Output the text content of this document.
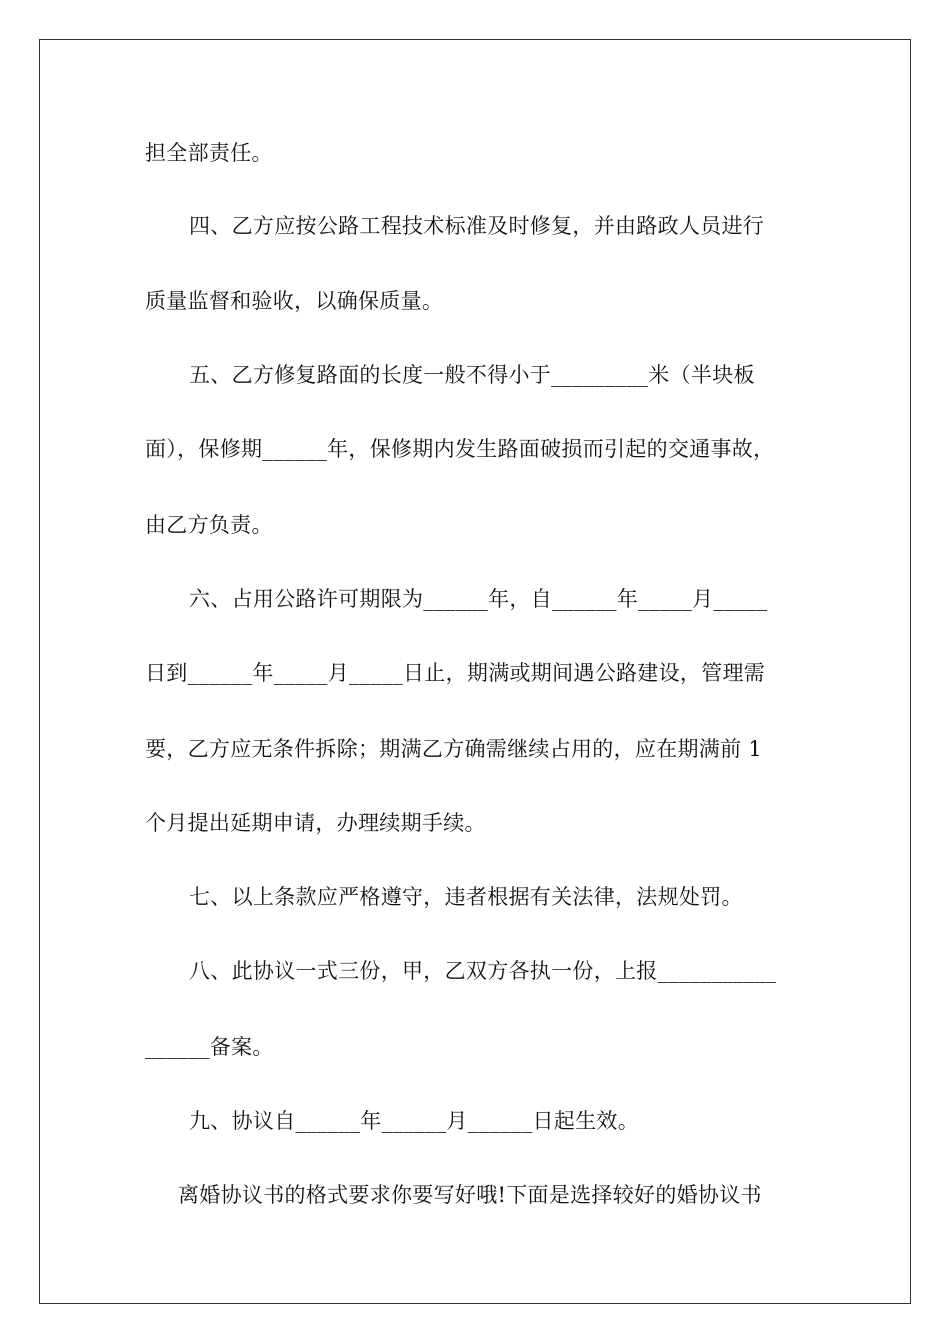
担全部责任。
四、乙方应按公路工程技术标准及时修复，并由路政人员进行
质量监督和验收，以确保质量。
五、乙方修复路面的长度一般不得小于_________米（半块板
面），保修期______年，保修期内发生路面破损而引起的交通事故，
由乙方负责。
六、占用公路许可期限为______年，自______年_____月_____
日到______年_____月_____日止，期满或期间遇公路建设，管理需
要，乙方应无条件拆除；期满乙方确需继续占用的，应在期满前 1
个月提出延期申请，办理续期手续。
七、以上条款应严格遵守，违者根据有关法律，法规处罚。
八、此协议一式三份，甲，乙双方各执一份，上报___________
______备案。
九、协议自______年______月______日起生效。
离婚协议书的格式要求你要写好哦!下面是选择较好的婚协议书
